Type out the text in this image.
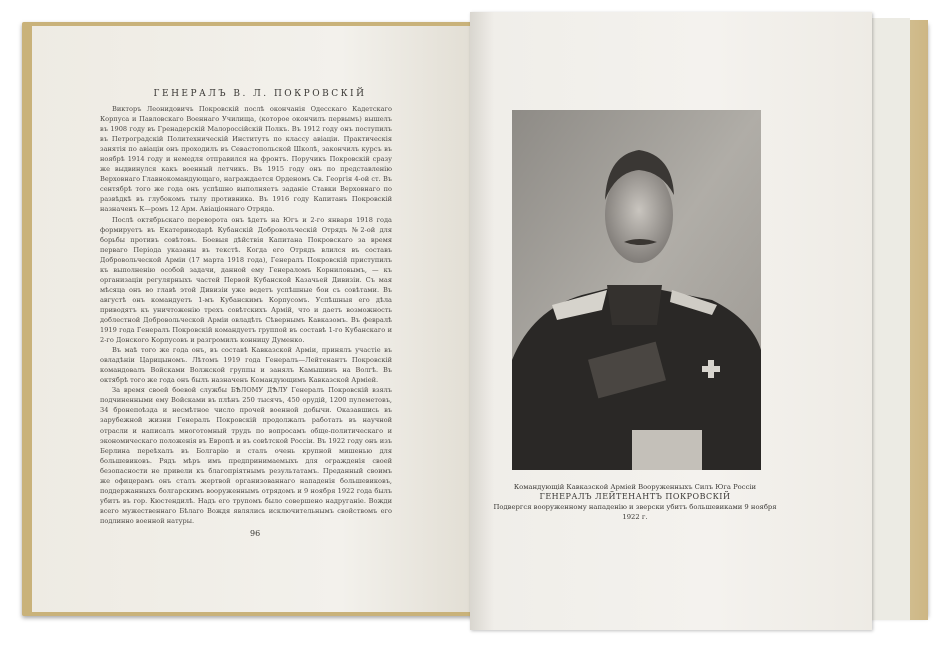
ГЕНЕРАЛЪ В. Л. ПОКРОВСКIЙ

Викторъ Леонидовичъ Покровскiй послѣ окончанiя Одесскаго Кадетскаго Корпуса и Павловскаго Военнаго Училища, (которое окончилъ первымъ) вышелъ въ 1908 году въ Гренадерскiй Малороссiйскiй Полкъ. Въ 1912 году онъ поступилъ въ Петроградскiй Политехническiй Институтъ по классу авiацiи. Практическiя занятiя по авiацiи онъ проходилъ въ Севастопольской Школѣ, закончилъ курсъ въ ноябрѣ 1914 году и немедля отправился на фронтъ. Поручикъ Покровскiй сразу же выдвинулся какъ военный летчикъ. Въ 1915 году онъ по представленiю Верховнаго Главнокомандующаго, награждается Орденомъ Св. Георгiя 4-ой ст. Въ сентябрѣ того же года онъ успѣшно выполняетъ заданiе Ставки Верховнаго по развѣдкѣ въ глубокомъ тылу противника. Въ 1916 году Капитанъ Покровскiй назначенъ К—ромъ 12 Арм. Авiацiоннаго Отряда.

Послѣ октябрьскаго переворота онъ ѣдетъ на Югъ и 2-го января 1918 года формируетъ въ Екатеринодарѣ Кубанскiй Добровольческiй Отрядъ №2-ой для борьбы противъ совѣтовъ. Боевыя дѣйствiя Капитана Покровскаго за время перваго Перiода указаны въ текстѣ. Когда его Отрядъ влился въ составъ Добровольческой Армiи (17 марта 1918 года), Генералъ Покровскiй приступилъ къ выполненiю особой задачи, данной ему Генераломъ Корниловымъ, — къ организацiи регулярныхъ частей Первой Кубанской Казачьей Дивизiи. Съ мая мѣсяца онъ во главѣ этой Дивизiи уже ведетъ успѣшные бои съ совѣтами. Въ августѣ онъ командуетъ 1-мъ Кубанскимъ Корпусомъ. Успѣшныя его дѣла приводятъ къ уничтоженiю трехъ совѣтскихъ Армiй, что и даетъ возможность доблестной Добровольческой Армiи овладѣть Сѣвернымъ Кавказомъ. Въ февралѣ 1919 года Генералъ Покровскiй командуетъ группой въ составѣ 1-го Кубанскаго и 2-го Донского Корпусовъ и разгромилъ конницу Думенко.

Въ маѣ того же года онъ, въ составѣ Кавказской Армiи, принялъ участiе въ овладѣнiи Царицыномъ. Лѣтомъ 1919 года Генералъ—Лейтенантъ Покровскiй командовалъ Войсками Волжской группы и занялъ Камышинъ на Волгѣ. Въ октябрѣ того же года онъ былъ назначенъ Командующимъ Кавказской Армiей.

За время своей боевой службы БѢЛОМУ ДѢЛУ Генералъ Покровскiй взялъ подчиненными ему Войсками въ плѣнъ 250 тысячъ, 450 орудiй, 1200 пулеметовъ, 34 бронепоѣзда и несмѣтное число прочей военной добычи. Оказавшись въ зарубежной жизни Генералъ Покровскiй продолжалъ работать въ научной отрасли и написалъ многотомный трудъ по вопросамъ обще-политическаго и экономическаго положенiя въ Европѣ и въ совѣтской Россiи. Въ 1922 году онъ изъ Берлина переѣхалъ въ Болгарiю и сталъ очень крупной мишенью для большевиковъ. Рядъ мѣръ имъ предпринимаемыхъ для огражденiя своей безопасности не привели къ благопрiятнымъ результатамъ. Преданный своимъ же офицерамъ онъ сталъ жертвой организованнаго нападенiя большевиковъ, поддержанныхъ болгарскимъ вооруженнымъ отрядомъ и 9 ноября 1922 года былъ убитъ въ гор. Кюстендилѣ. Надъ его трупомъ было совершено надруганiе. Вожди всего мужественнаго Бѣлаго Вождя являлись исключительнымъ свойствомъ его подлинно военной натуры.

96
Командующiй Кавказской Армiей Вооруженныхъ Силъ Юга Россiи
ГЕНЕРАЛЪ ЛЕЙТЕНАНТЪ ПОКРОВСКIЙ
Подвергся вооруженному нападенiю и зверски убитъ большевиками 9 ноября 1922 г.
